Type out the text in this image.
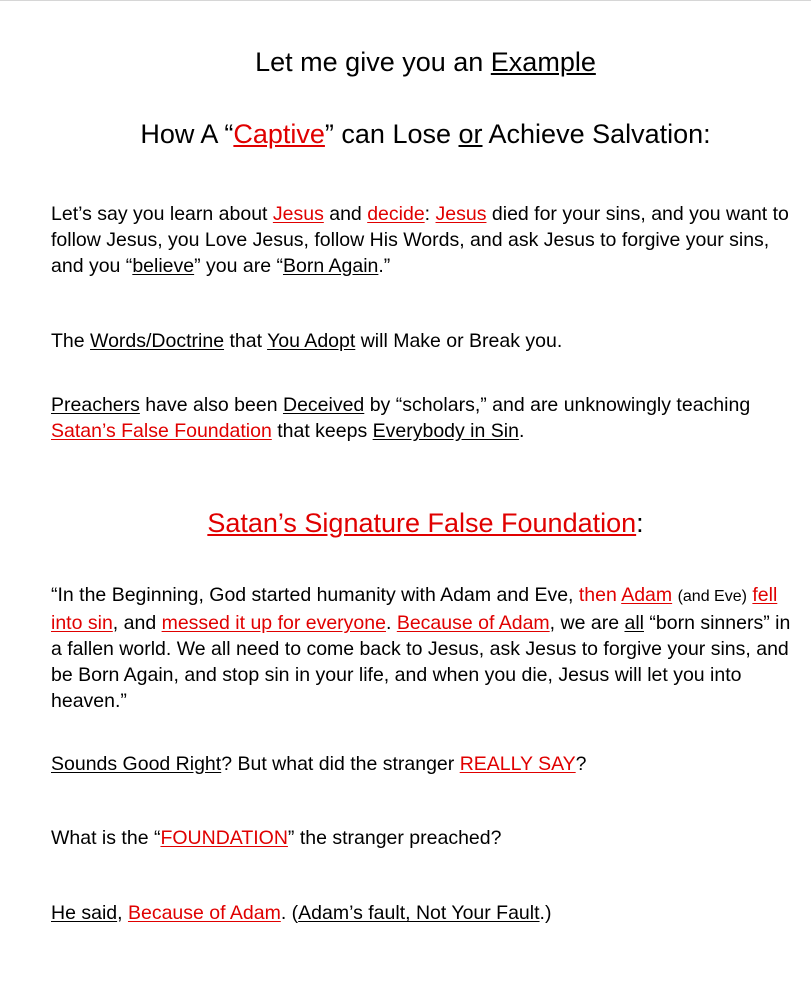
Let me give you an Example
How A “Captive” can Lose or Achieve Salvation:

Let’s say you learn about Jesus and decide: Jesus died for your sins, and you want to follow Jesus, you Love Jesus, follow His Words, and ask Jesus to forgive your sins, and you “believe” you are “Born Again.”

The Words/Doctrine that You Adopt will Make or Break you.

Preachers have also been Deceived by “scholars,” and are unknowingly teaching Satan’s False Foundation that keeps Everybody in Sin.

Satan’s Signature False Foundation:

“In the Beginning, God started humanity with Adam and Eve, then Adam (and Eve) fell into sin, and messed it up for everyone. Because of Adam, we are all “born sinners” in a fallen world. We all need to come back to Jesus, ask Jesus to forgive your sins, and be Born Again, and stop sin in your life, and when you die, Jesus will let you into heaven.”

Sounds Good Right? But what did the stranger REALLY SAY?

What is the “FOUNDATION” the stranger preached?

He said, Because of Adam. (Adam’s fault, Not Your Fault.)
